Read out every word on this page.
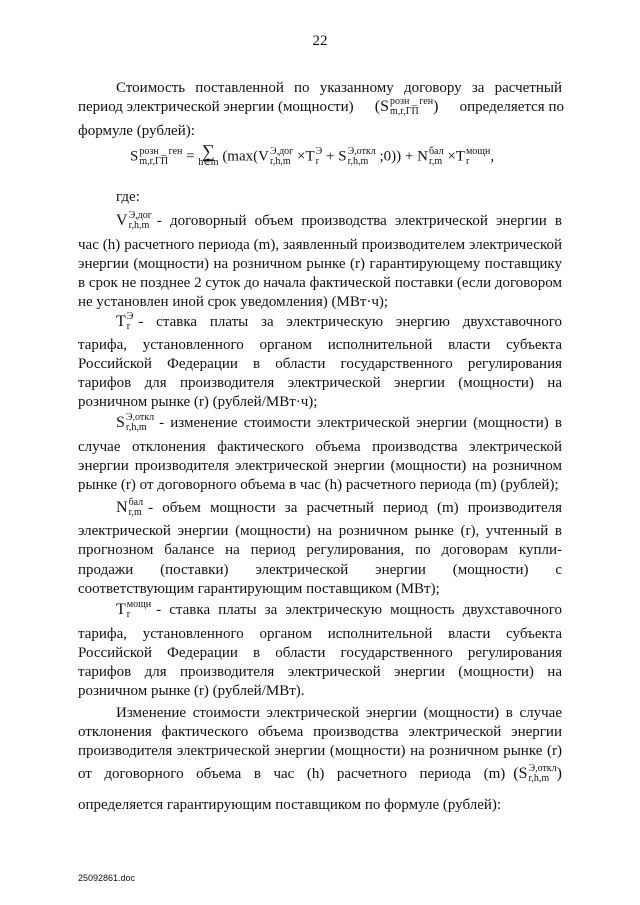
22
Стоимость поставленной по указанному договору за расчетный
период электрической энергии (мощности) (S розн _ ген
m,r,ГП ) определяется по
формуле (рублей):
S розн _ ген
m,r,ГП	= ∑
h∈m (max(V Э,дог
r,h,m ×T Э
r + S Э,откл
r,h,m ;0)) + N бал
r,m ×T мощн
r	,
где:
V Э,дог
r,h,m - договорный объем производства электрической энергии в
час (h) расчетного периода (m), заявленный производителем электрической
энергии (мощности) на розничном рынке (r) гарантирующему поставщику
в срок не позднее 2 суток до начала фактической поставки (если договором
не установлен иной срок уведомления) (МВт·ч);
T Э
r - ставка платы за электрическую энергию двухставочного
тарифа, установленного органом исполнительной власти субъекта
Российской Федерации в области государственного регулирования
тарифов для производителя электрической энергии (мощности) на
розничном рынке (r) (рублей/МВт·ч);
S Э,откл
r,h,m - изменение стоимости электрической энергии (мощности) в
случае отклонения фактического объема производства электрической
энергии производителя электрической энергии (мощности) на розничном
рынке (r) от договорного объема в час (h) расчетного периода (m) (рублей);
N бал
r,m - объем мощности за расчетный период (m) производителя
электрической энергии (мощности) на розничном рынке (r), учтенный в
прогнозном балансе на период регулирования, по договорам купли-
продажи (поставки) электрической энергии (мощности) с
соответствующим гарантирующим поставщиком (МВт);
T мощн
r	- ставка платы за электрическую мощность двухставочного
тарифа, установленного органом исполнительной власти субъекта
Российской Федерации в области государственного регулирования
тарифов для производителя электрической энергии (мощности) на
розничном рынке (r) (рублей/МВт).
Изменение стоимости электрической энергии (мощности) в случае
отклонения фактического объема производства электрической энергии
производителя электрической энергии (мощности) на розничном рынке (r)
от договорного объема в час (h) расчетного периода (m) (S Э,откл
r,h,m )
определяется гарантирующим поставщиком по формуле (рублей):
25092861.doc
